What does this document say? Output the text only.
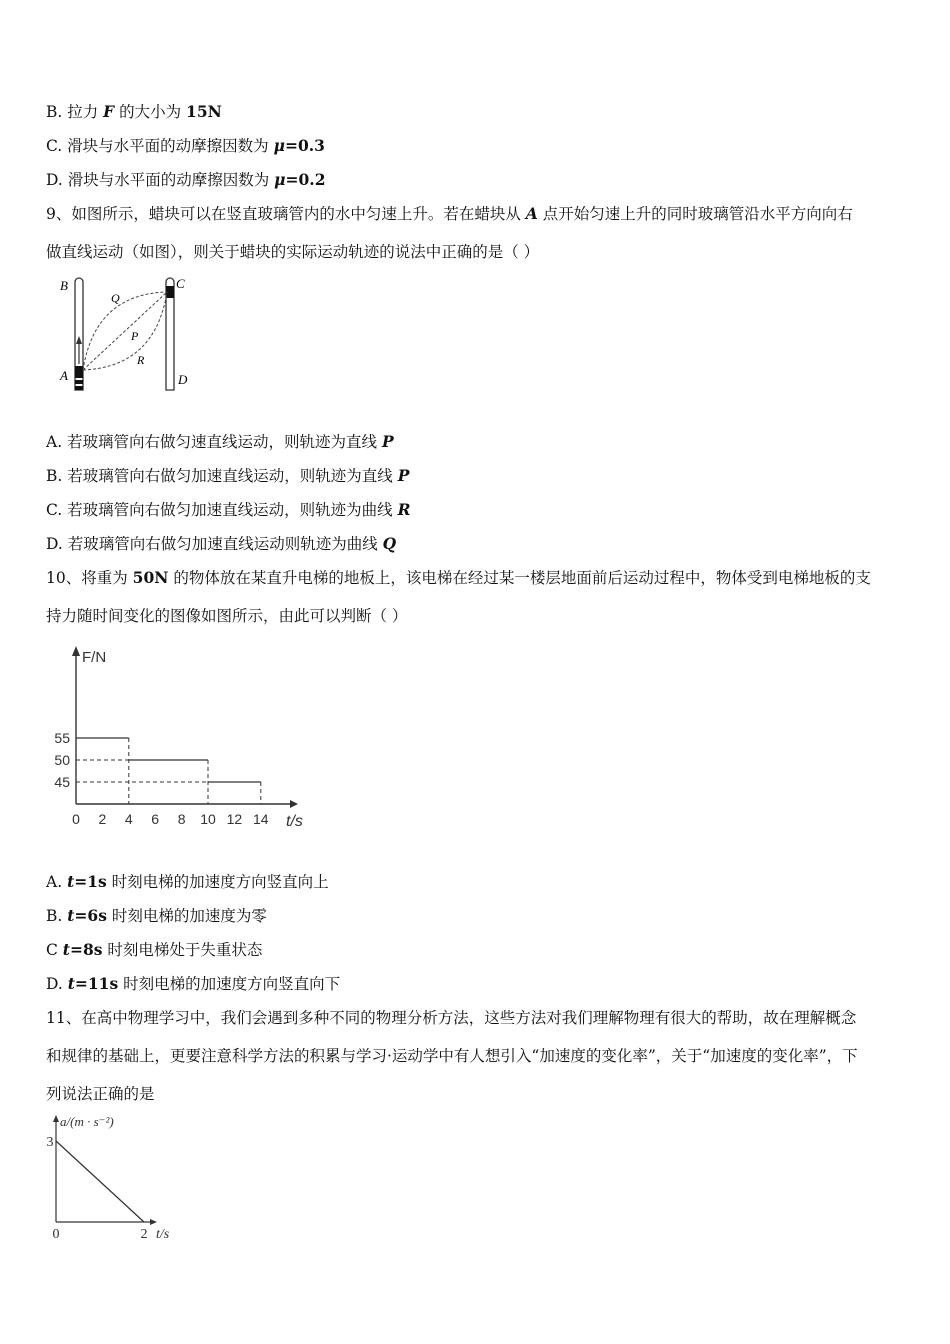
B. 拉力 F 的大小为 15N
C. 滑块与水平面的动摩擦因数为 μ=0.3
D. 滑块与水平面的动摩擦因数为 μ=0.2
9、如图所示，蜡块可以在竖直玻璃管内的水中匀速上升。若在蜡块从 A 点开始匀速上升的同时玻璃管沿水平方向向右
做直线运动（如图），则关于蜡块的实际运动轨迹的说法中正确的是（ ）
B	C
A	D
Q
P
R
A. 若玻璃管向右做匀速直线运动，则轨迹为直线 P
B. 若玻璃管向右做匀加速直线运动，则轨迹为直线 P
C. 若玻璃管向右做匀加速直线运动，则轨迹为曲线 R
D. 若玻璃管向右做匀加速直线运动则轨迹为曲线 Q
10、将重为 50N 的物体放在某直升电梯的地板上，该电梯在经过某一楼层地面前后运动过程中，物体受到电梯地板的支
持力随时间变化的图像如图所示，由此可以判断（ ）
F/N
t/s
0 2 4 6 8 10 12 14
55
50
45
A. t=1s 时刻电梯的加速度方向竖直向上
B. t=6s 时刻电梯的加速度为零
C t=8s 时刻电梯处于失重状态
D. t=11s 时刻电梯的加速度方向竖直向下
11、在高中物理学习中，我们会遇到多种不同的物理分析方法，这些方法对我们理解物理有很大的帮助，故在理解概念
和规律的基础上，更要注意科学方法的积累与学习·运动学中有人想引入“加速度的变化率”，关于“加速度的变化率”，下
列说法正确的是
a/(m · s⁻²)
t/s
3
0	2
